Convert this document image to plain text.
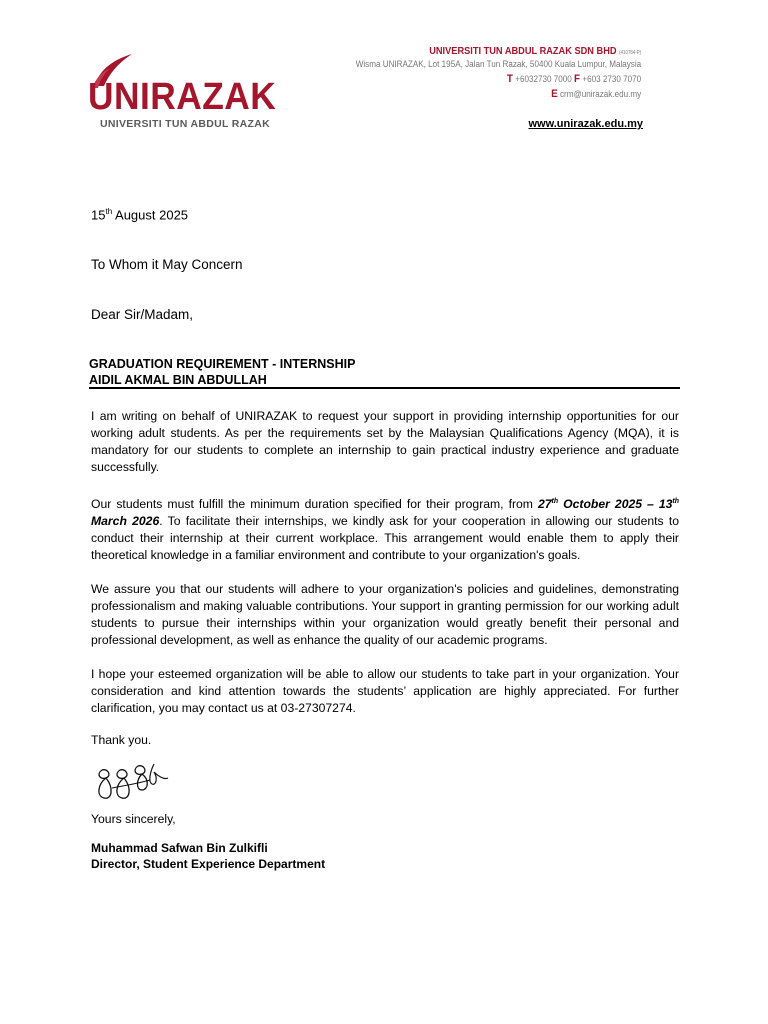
UNIRAZAK
UNIVERSITI TUN ABDUL RAZAK
UNIVERSITI TUN ABDUL RAZAK SDN BHD (410784-P)
Wisma UNIRAZAK, Lot 195A, Jalan Tun Razak, 50400 Kuala Lumpur, Malaysia
T +6032730 7000 F +603 2730 7070
E crm@unirazak.edu.my
www.unirazak.edu.my
15th August 2025
To Whom it May Concern
Dear Sir/Madam,
GRADUATION REQUIREMENT - INTERNSHIP
AIDIL AKMAL BIN ABDULLAH

I am writing on behalf of UNIRAZAK to request your support in providing internship opportunities for our working adult students. As per the requirements set by the Malaysian Qualifications Agency (MQA), it is mandatory for our students to complete an internship to gain practical industry experience and graduate successfully.

Our students must fulfill the minimum duration specified for their program, from 27th October 2025 – 13th March 2026. To facilitate their internships, we kindly ask for your cooperation in allowing our students to conduct their internship at their current workplace. This arrangement would enable them to apply their theoretical knowledge in a familiar environment and contribute to your organization's goals.

We assure you that our students will adhere to your organization's policies and guidelines, demonstrating professionalism and making valuable contributions. Your support in granting permission for our working adult students to pursue their internships within your organization would greatly benefit their personal and professional development, as well as enhance the quality of our academic programs.

I hope your esteemed organization will be able to allow our students to take part in your organization. Your consideration and kind attention towards the students’ application are highly appreciated. For further clarification, you may contact us at 03-27307274.

Thank you.
Yours sincerely,
Muhammad Safwan Bin Zulkifli
Director, Student Experience Department
